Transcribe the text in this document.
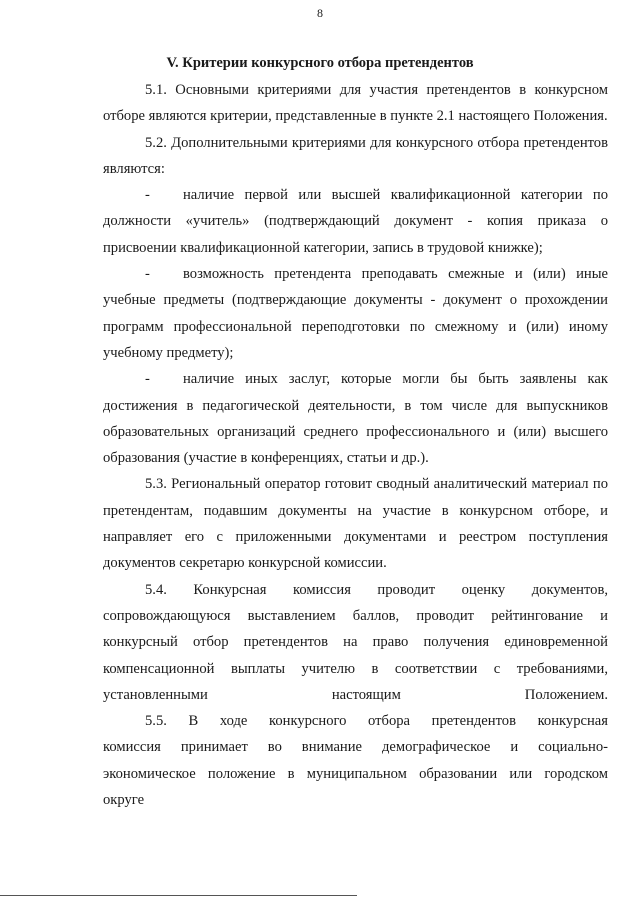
8
V. Критерии конкурсного отбора претендентов

5.1. Основными критериями для участия претендентов в конкурсном отборе являются критерии, представленные в пункте 2.1 настоящего Положения.

5.2. Дополнительными критериями для конкурсного отбора претендентов являются:

- наличие первой или высшей квалификационной категории по должности «учитель» (подтверждающий документ - копия приказа о присвоении квалификационной категории, запись в трудовой книжке);

- возможность претендента преподавать смежные и (или) иные учебные предметы (подтверждающие документы - документ о прохождении программ профессиональной переподготовки по смежному и (или) иному учебному предмету);

- наличие иных заслуг, которые могли бы быть заявлены как достижения в педагогической деятельности, в том числе для выпускников образовательных организаций среднего профессионального и (или) высшего образования (участие в конференциях, статьи и др.).

5.3. Региональный оператор готовит сводный аналитический материал по претендентам, подавшим документы на участие в конкурсном отборе, и направляет его с приложенными документами и реестром поступления документов секретарю конкурсной комиссии.

5.4. Конкурсная комиссия проводит оценку документов, сопровождающуюся выставлением баллов, проводит рейтингование и конкурсный отбор претендентов на право получения единовременной компенсационной выплаты учителю в соответствии с требованиями, установленными настоящим Положением.

5.5. В ходе конкурсного отбора претендентов конкурсная комиссия принимает во внимание демографическое и социально-экономическое положение в муниципальном образовании или городском округе
